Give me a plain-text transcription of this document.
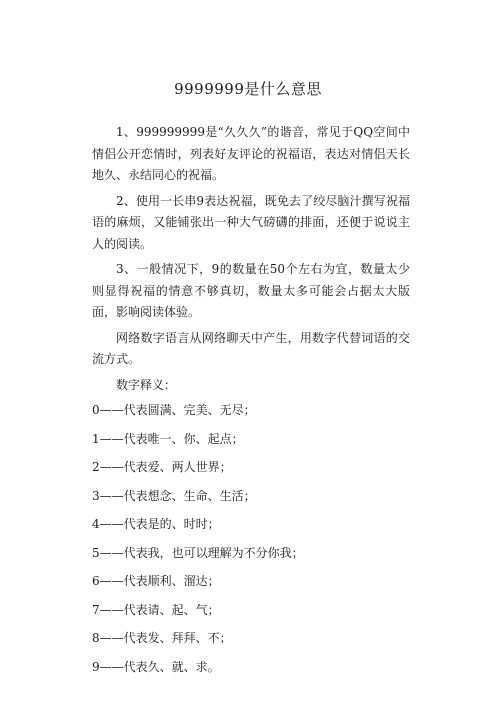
9999999是什么意思

1、999999999是“久久久”的谐音，常见于QQ空间中情侣公开恋情时，列表好友评论的祝福语，表达对情侣天长地久、永结同心的祝福。

2、使用一长串9表达祝福，既免去了绞尽脑汁撰写祝福语的麻烦，又能铺张出一种大气磅礴的排面，还便于说说主人的阅读。

3、一般情况下，9的数量在50个左右为宜，数量太少则显得祝福的情意不够真切，数量太多可能会占据太大版面，影响阅读体验。

网络数字语言从网络聊天中产生，用数字代替词语的交流方式。

数字释义：

0——代表圆满、完美、无尽；
1——代表唯一、你、起点；
2——代表爱、两人世界；
3——代表想念、生命、生活；
4——代表是的、时时；
5——代表我，也可以理解为不分你我；
6——代表顺利、溜达；
7——代表请、起、气；
8——代表发、拜拜、不；
9——代表久、就、求。
